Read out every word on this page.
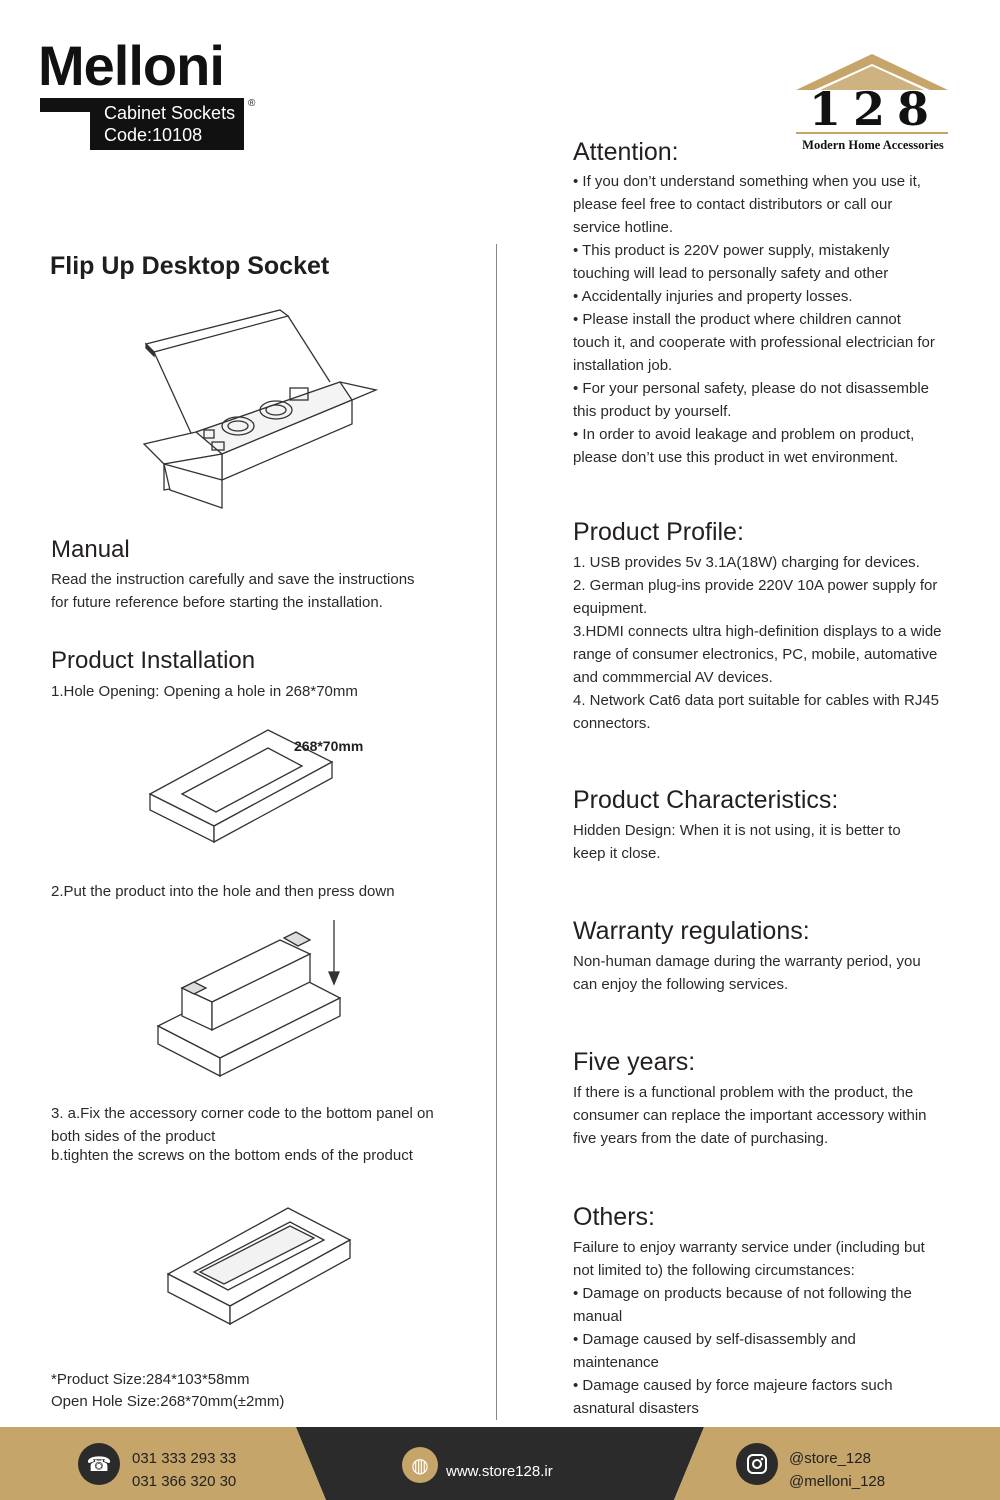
Melloni
Cabinet Sockets
Code:10108
®	128
Modern Home Accessories
Flip Up Desktop Socket
Manual
Read the instruction carefully and save the instructions for future reference before starting the installation.
Product Installation
1.Hole Opening: Opening a hole in 268*70mm
268*70mm
2.Put the product into the hole and then press down
3. a.Fix the accessory corner code to the bottom panel on both sides of the product
b.tighten the screws on the bottom ends of the product
*Product Size:284*103*58mm
Open Hole Size:268*70mm(±2mm)
Attention:

• If you don’t understand something when you use it, please feel free to contact distributors or call our service hotline.

• This product is 220V power supply, mistakenly touching will lead to personally safety and other

• Accidentally injuries and property losses.

• Please install the product where children cannot touch it, and cooperate with professional electrician for installation job.

• For your personal safety, please do not disassemble this product by yourself.

• In order to avoid leakage and problem on product, please don’t use this product in wet environment.

Product Profile:

1. USB provides 5v 3.1A(18W) charging for devices.

2. German plug-ins provide 220V 10A power supply for equipment.

3.HDMI connects ultra high-definition displays to a wide range of consumer electronics, PC, mobile, automative and commmercial AV devices.

4. Network Cat6 data port suitable for cables with RJ45 connectors.

Product Characteristics:
Hidden Design: When it is not using, it is better to keep it close.
Warranty regulations:
Non-human damage during the warranty period, you can enjoy the following services.
Five years:
If there is a functional problem with the product, the consumer can replace the important accessory within five years from the date of purchasing.
Others:

Failure to enjoy warranty service under (including but not limited to) the following circumstances:

• Damage on products because of not following the manual

• Damage caused by self-disassembly and maintenance

• Damage caused by force majeure factors such asnatural disasters

☎	031 333 293 33
031 366 320 30
◍	www.store128.ir
@store_128
@melloni_128
